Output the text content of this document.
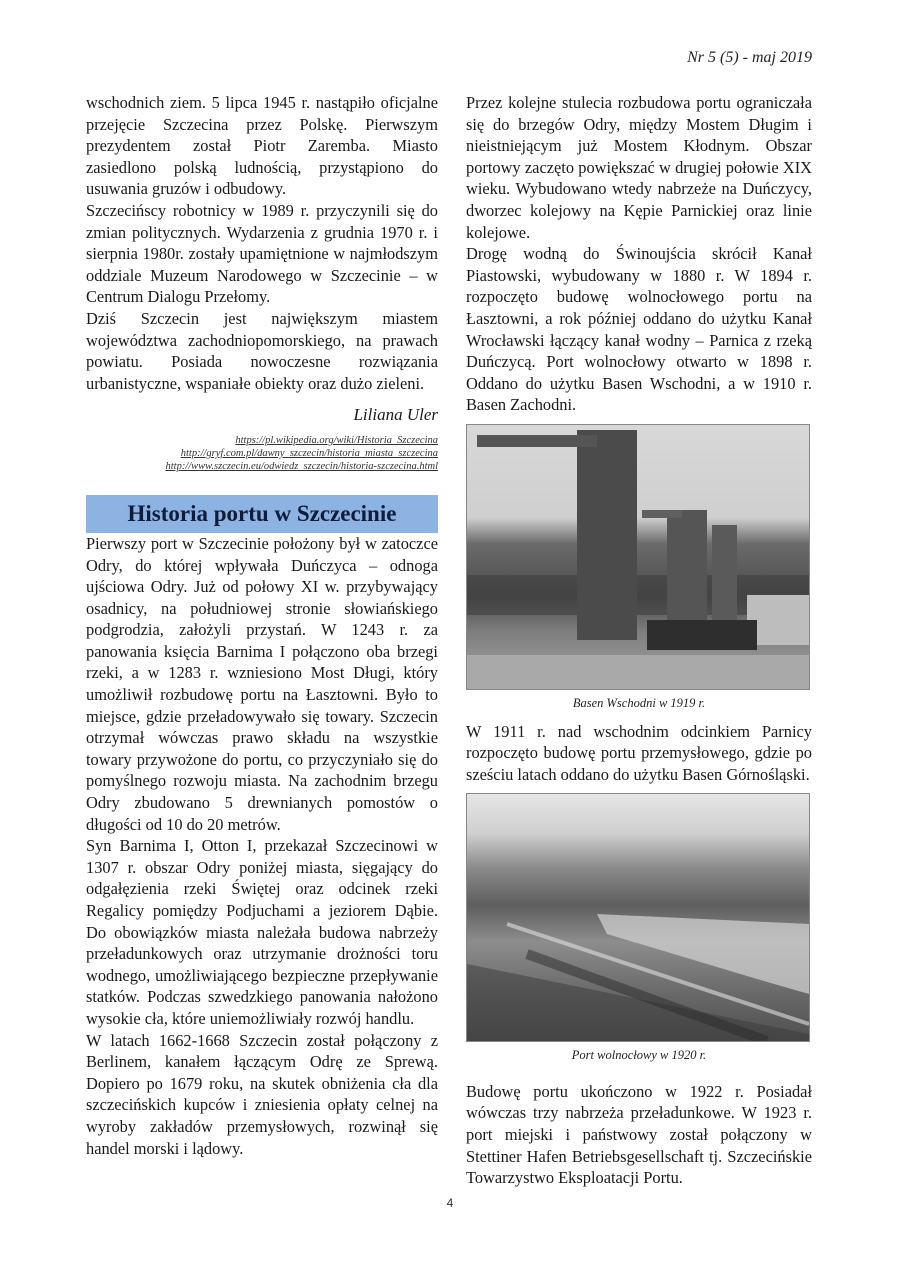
Nr 5 (5) - maj 2019

wschodnich ziem. 5 lipca 1945 r. nastąpiło oficjalne przejęcie Szczecina przez Polskę. Pierwszym prezydentem został Piotr Zaremba. Miasto zasiedlono polską ludnością, przystąpiono do usuwania gruzów i odbudowy.

Szczecińscy robotnicy w 1989 r. przyczynili się do zmian politycznych. Wydarzenia z grudnia 1970 r. i sierpnia 1980r. zostały upamiętnione w najmłodszym oddziale Muzeum Narodowego w Szczecinie – w Centrum Dialogu Przełomy.

Dziś Szczecin jest największym miastem województwa zachodniopomorskiego, na prawach powiatu. Posiada nowoczesne rozwiązania urbanistyczne, wspaniałe obiekty oraz dużo zieleni.

Liliana Uler

https://pl.wikipedia.org/wiki/Historia_Szczecina
http://gryf.com.pl/dawny_szczecin/historia_miasta_szczecina
http://www.szczecin.eu/odwiedz_szczecin/historia-szczecina.html

Historia portu w Szczecinie

Pierwszy port w Szczecinie położony był w zatoczce Odry, do której wpływała Duńczyca – odnoga ujściowa Odry. Już od połowy XI w. przybywający osadnicy, na południowej stronie słowiańskiego podgrodzia, założyli przystań. W 1243 r. za panowania księcia Barnima I połączono oba brzegi rzeki, a w 1283 r. wzniesiono Most Długi, który umożliwił rozbudowę portu na Łasztowni. Było to miejsce, gdzie przeładowywało się towary. Szczecin otrzymał wówczas prawo składu na wszystkie towary przywożone do portu, co przyczyniało się do pomyślnego rozwoju miasta. Na zachodnim brzegu Odry zbudowano 5 drewnianych pomostów o długości od 10 do 20 metrów.

Syn Barnima I, Otton I, przekazał Szczecinowi w 1307 r. obszar Odry poniżej miasta, sięgający do odgałęzienia rzeki Świętej oraz odcinek rzeki Regalicy pomiędzy Podjuchami a jeziorem Dąbie. Do obowiązków miasta należała budowa nabrzeży przeładunkowych oraz utrzymanie drożności toru wodnego, umożliwiającego bezpieczne przepływanie statków. Podczas szwedzkiego panowania nałożono wysokie cła, które uniemożliwiały rozwój handlu.

W latach 1662-1668 Szczecin został połączony z Berlinem, kanałem łączącym Odrę ze Sprewą. Dopiero po 1679 roku, na skutek obniżenia cła dla szczecińskich kupców i zniesienia opłaty celnej na wyroby zakładów przemysłowych, rozwinął się handel morski i lądowy.

Przez kolejne stulecia rozbudowa portu ograniczała się do brzegów Odry, między Mostem Długim i nieistniejącym już Mostem Kłodnym. Obszar portowy zaczęto powiększać w drugiej połowie XIX wieku. Wybudowano wtedy nabrzeże na Duńczycy, dworzec kolejowy na Kępie Parnickiej oraz linie kolejowe.

Drogę wodną do Świnoujścia skrócił Kanał Piastowski, wybudowany w 1880 r. W 1894 r. rozpoczęto budowę wolnocłowego portu na Łasztowni, a rok później oddano do użytku Kanał Wrocławski łączący kanał wodny – Parnica z rzeką Duńczycą. Port wolnocłowy otwarto w 1898 r. Oddano do użytku Basen Wschodni, a w 1910 r. Basen Zachodni.

Basen Wschodni w 1919 r.

W 1911 r. nad wschodnim odcinkiem Parnicy rozpoczęto budowę portu przemysłowego, gdzie po sześciu latach oddano do użytku Basen Górnośląski.

Port wolnocłowy w 1920 r.

Budowę portu ukończono w 1922 r. Posiadał wówczas trzy nabrzeża przeładunkowe. W 1923 r. port miejski i państwowy został połączony w Stettiner Hafen Betriebsgesellschaft tj. Szczecińskie Towarzystwo Eksploatacji Portu.

4
